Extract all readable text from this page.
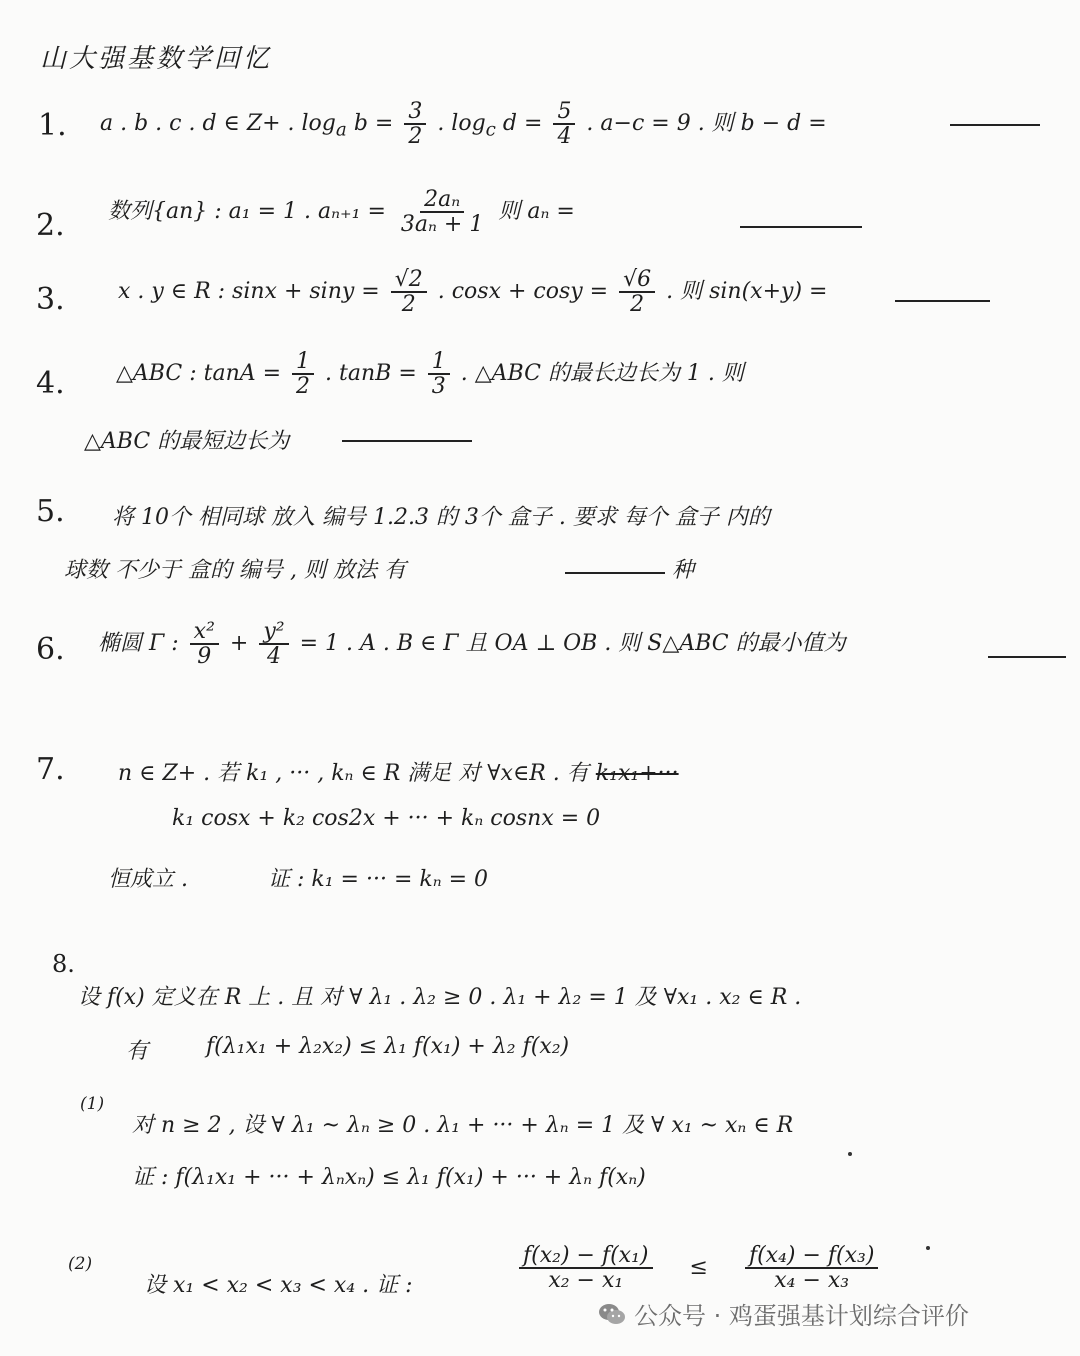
山大强基数学回忆
1. a . b . c . d ∈ Z+ . $\log_a b = \frac{3}{2}$ . $\log_c d = \frac{5}{4}$ . a−c = 9 . 则 b − d =
2. 数列{an} : a₁ = 1 . $a_{n+1} = \frac{\text{2aₙ}}{\text{3aₙ + 1}}$ 则 aₙ =
3. x . y ∈ R : $\sin x + \sin y = \frac{√2}{2}$ . $\cos x + \cos y = \frac{√6}{2}$ . 则 sin(x+y) =
4. △ABC : $\tan A = \frac{1}{2}$ . $\tan B = \frac{1}{3}$ . △ABC 的最长边长为 1 . 则
△ABC 的最短边长为
5. 将 10个 相同球 放入 编号 1.2.3 的 3个 盒子 . 要求 每个 盒子 内的
球数 不少于 盒的 编号 , 则 放法 有	种
6. 椭圆 Γ : $\frac{\text{x²}}{9} + \frac{\text{y²}}{4} = 1$ . A . B ∈ Γ 且 OA ⊥ OB . 则 S△ABC 的最小值为
7. n ∈ Z+ . 若 k₁ , ··· , kₙ ∈ R 满足 对 ∀x∈R . 有 k₁x₁+···
k₁ cosx + k₂ cos2x + ··· + kₙ cosnx = 0
恒成立 .	证 : k₁ = ··· = kₙ = 0
8.
设 f(x) 定义在 R 上 . 且 对 ∀ λ₁ . λ₂ ≥ 0 . λ₁ + λ₂ = 1 及 ∀x₁ . x₂ ∈ R .
有	f(λ₁x₁ + λ₂x₂) ≤ λ₁ f(x₁) + λ₂ f(x₂)
(1)
对 n ≥ 2 , 设 ∀ λ₁ ~ λₙ ≥ 0 . λ₁ + ··· + λₙ = 1 及 ∀ x₁ ~ xₙ ∈ R
证 : f(λ₁x₁ + ··· + λₙxₙ) ≤ λ₁ f(x₁) + ··· + λₙ f(xₙ)
(2)
设 x₁ < x₂ < x₃ < x₄ . 证 :	$\frac{\text{f(x₂) − f(x₁)}}{\text{x₂ − x₁}} \le \frac{\text{f(x₄) − f(x₃)}}{\text{x₄ − x₃}}$
公众号 · 鸡蛋强基计划综合评价
